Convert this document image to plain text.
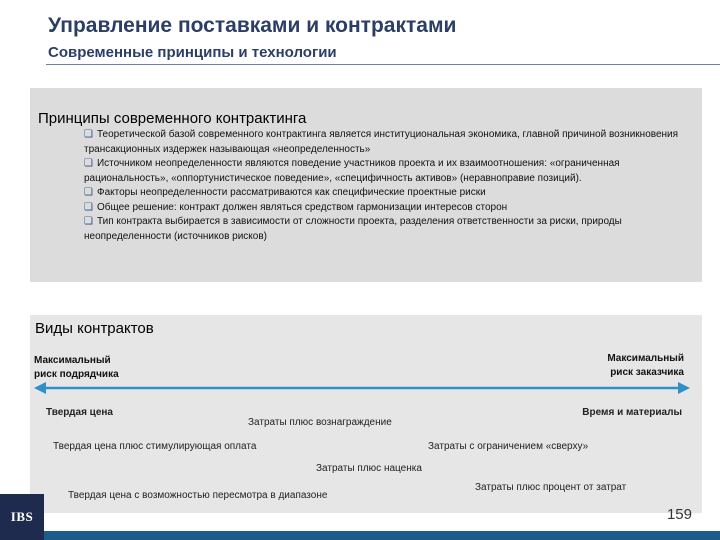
Управление поставками и контрактами
Современные принципы и технологии
Принципы современного контрактинга

❏ Теоретической базой современного контрактинга является институциональная экономика, главной причиной возникновения трансакционных издержек называющая «неопределенность»

❏ Источником неопределенности являются поведение участников проекта и их взаимоотношения: «ограниченная рациональность», «оппортунистическое поведение», «специфичность активов» (неравноправие позиций).

❏ Факторы неопределенности рассматриваются как специфические проектные риски

❏ Общее решение: контракт должен являться средством гармонизации интересов сторон

❏ Тип контракта выбирается в зависимости от сложности проекта, разделения ответственности за риски, природы неопределенности (источников рисков)

Виды контрактов
Максимальный
риск подрядчика
Максимальный
риск заказчика
Твердая цена
Затраты плюс вознаграждение
Время и материалы
Твердая цена плюс стимулирующая оплата	Затраты с ограничением «сверху»
Затраты плюс наценка
Твердая цена с возможностью пересмотра в диапазоне
Затраты плюс процент от затрат
IBS	159
